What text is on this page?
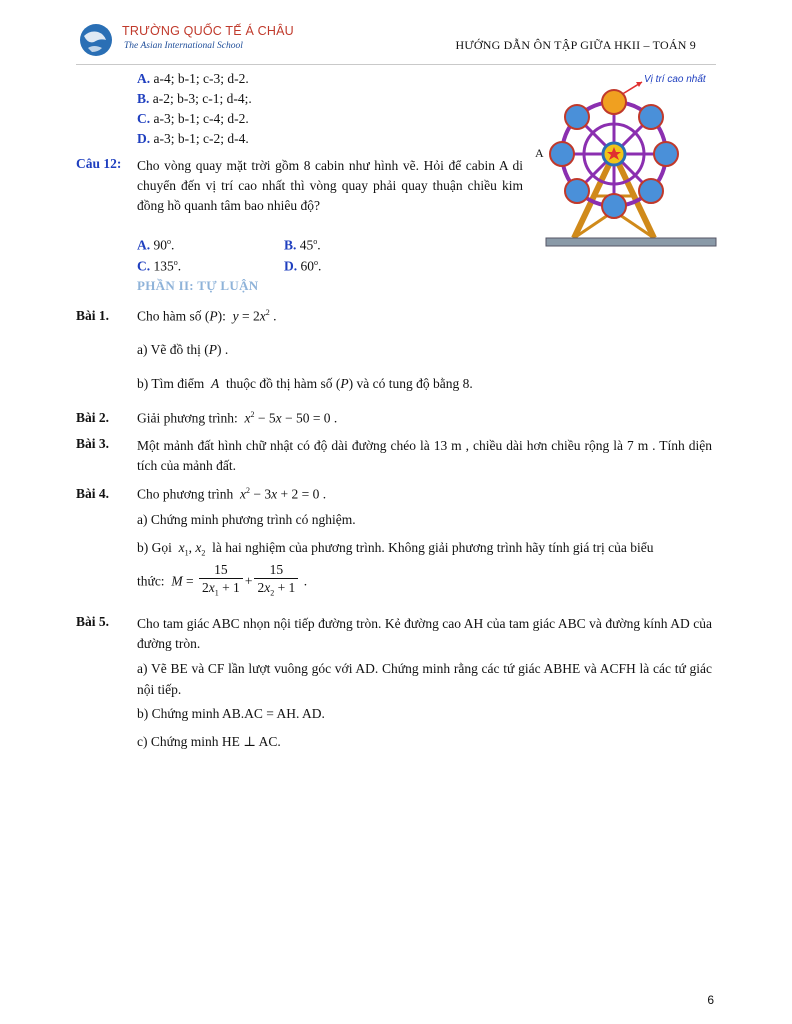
TRƯỜNG QUỐC TẾ Á CHÂU
The Asian International School	HƯỚNG DẪN ÔN TẬP GIỮA HKII – TOÁN 9
A. a-4; b-1; c-3; d-2.
B. a-2; b-3; c-1; d-4;.
C. a-3; b-1; c-4; d-2.
D. a-3; b-1; c-2; d-4.
Câu 12: Cho vòng quay mặt trời gồm 8 cabin như hình vẽ. Hỏi để cabin A di chuyển đến vị trí cao nhất thì vòng quay phải quay thuận chiều kim đồng hồ quanh tâm bao nhiêu độ?
Vị trí cao nhất
A
A. 90$^o$.	B. 45$^o$.
C. 135$^o$.	D. 60$^o$.
PHẦN II: TỰ LUẬN
Bài 1. Cho hàm số (P):  $y = 2x^2$ .
a) Vẽ đồ thị (P) .
b) Tìm điểm A thuộc đồ thị hàm số (P) và có tung độ bằng 8.
Bài 2. Giải phương trình: $x^2 - 5x - 50 = 0$ .
Bài 3. Một mảnh đất hình chữ nhật có độ dài đường chéo là 13 m , chiều dài hơn chiều rộng là 7 m . Tính diện tích của mảnh đất.
Bài 4. Cho phương trình $x^2 - 3x + 2 = 0$ .
a) Chứng minh phương trình có nghiệm.
b) Gọi $x_1$, $x_2$ là hai nghiệm của phương trình. Không giải phương trình hãy tính giá trị của biểu
thức: $M = \frac{15}{2x_1 + 1} + \frac{15}{2x_2 + 1}$ .
Bài 5. Cho tam giác ABC nhọn nội tiếp đường tròn. Kẻ đường cao AH của tam giác ABC và đường kính AD của đường tròn.
a) Vẽ BE và CF lần lượt vuông góc với AD. Chứng minh rằng các tứ giác ABHE và ACFH là các tứ giác nội tiếp.
b) Chứng minh AB.AC = AH. AD.
c) Chứng minh HE ⊥ AC.
6
